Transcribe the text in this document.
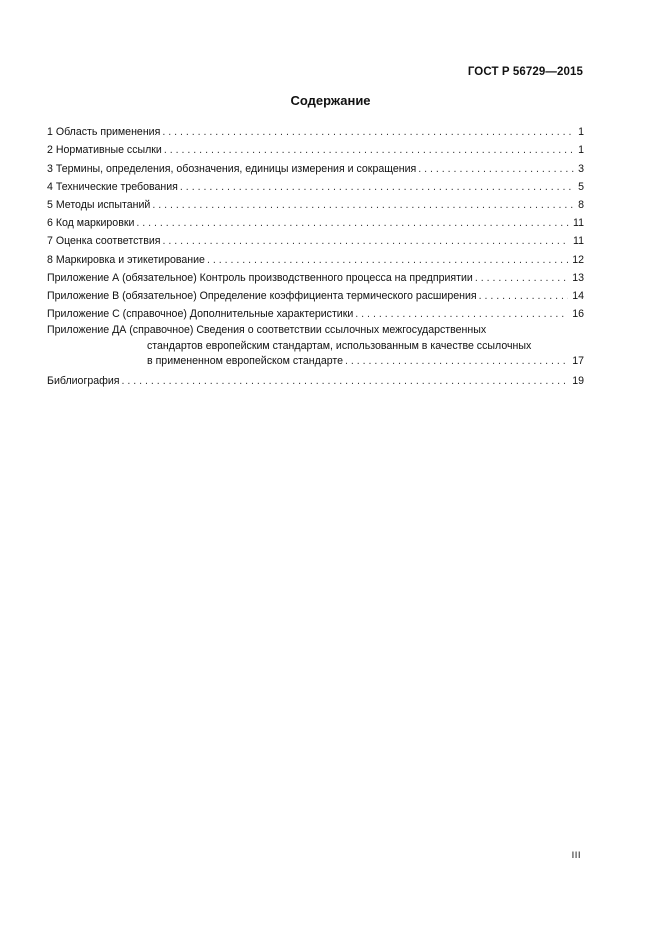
ГОСТ Р 56729—2015
Содержание
1 Область применения . . .	1
2 Нормативные ссылки . . .	1
3 Термины, определения, обозначения, единицы измерения и сокращения . . .	3
4 Технические требования . . .	5
5 Методы испытаний . . .	8
6 Код маркировки . . .	11
7 Оценка соответствия . . .	11
8 Маркировка и этикетирование . . .	12
Приложение А (обязательное) Контроль производственного процесса на предприятии . . .	13
Приложение В (обязательное) Определение коэффициента термического расширения . . .	14
Приложение С (справочное) Дополнительные характеристики . . .	16
Приложение ДА (справочное) Сведения о соответствии ссылочных межгосударственных
стандартов европейским стандартам, использованным в качестве ссылочных
в примененном европейском стандарте . . .	17
Библиография . . .	19
III
